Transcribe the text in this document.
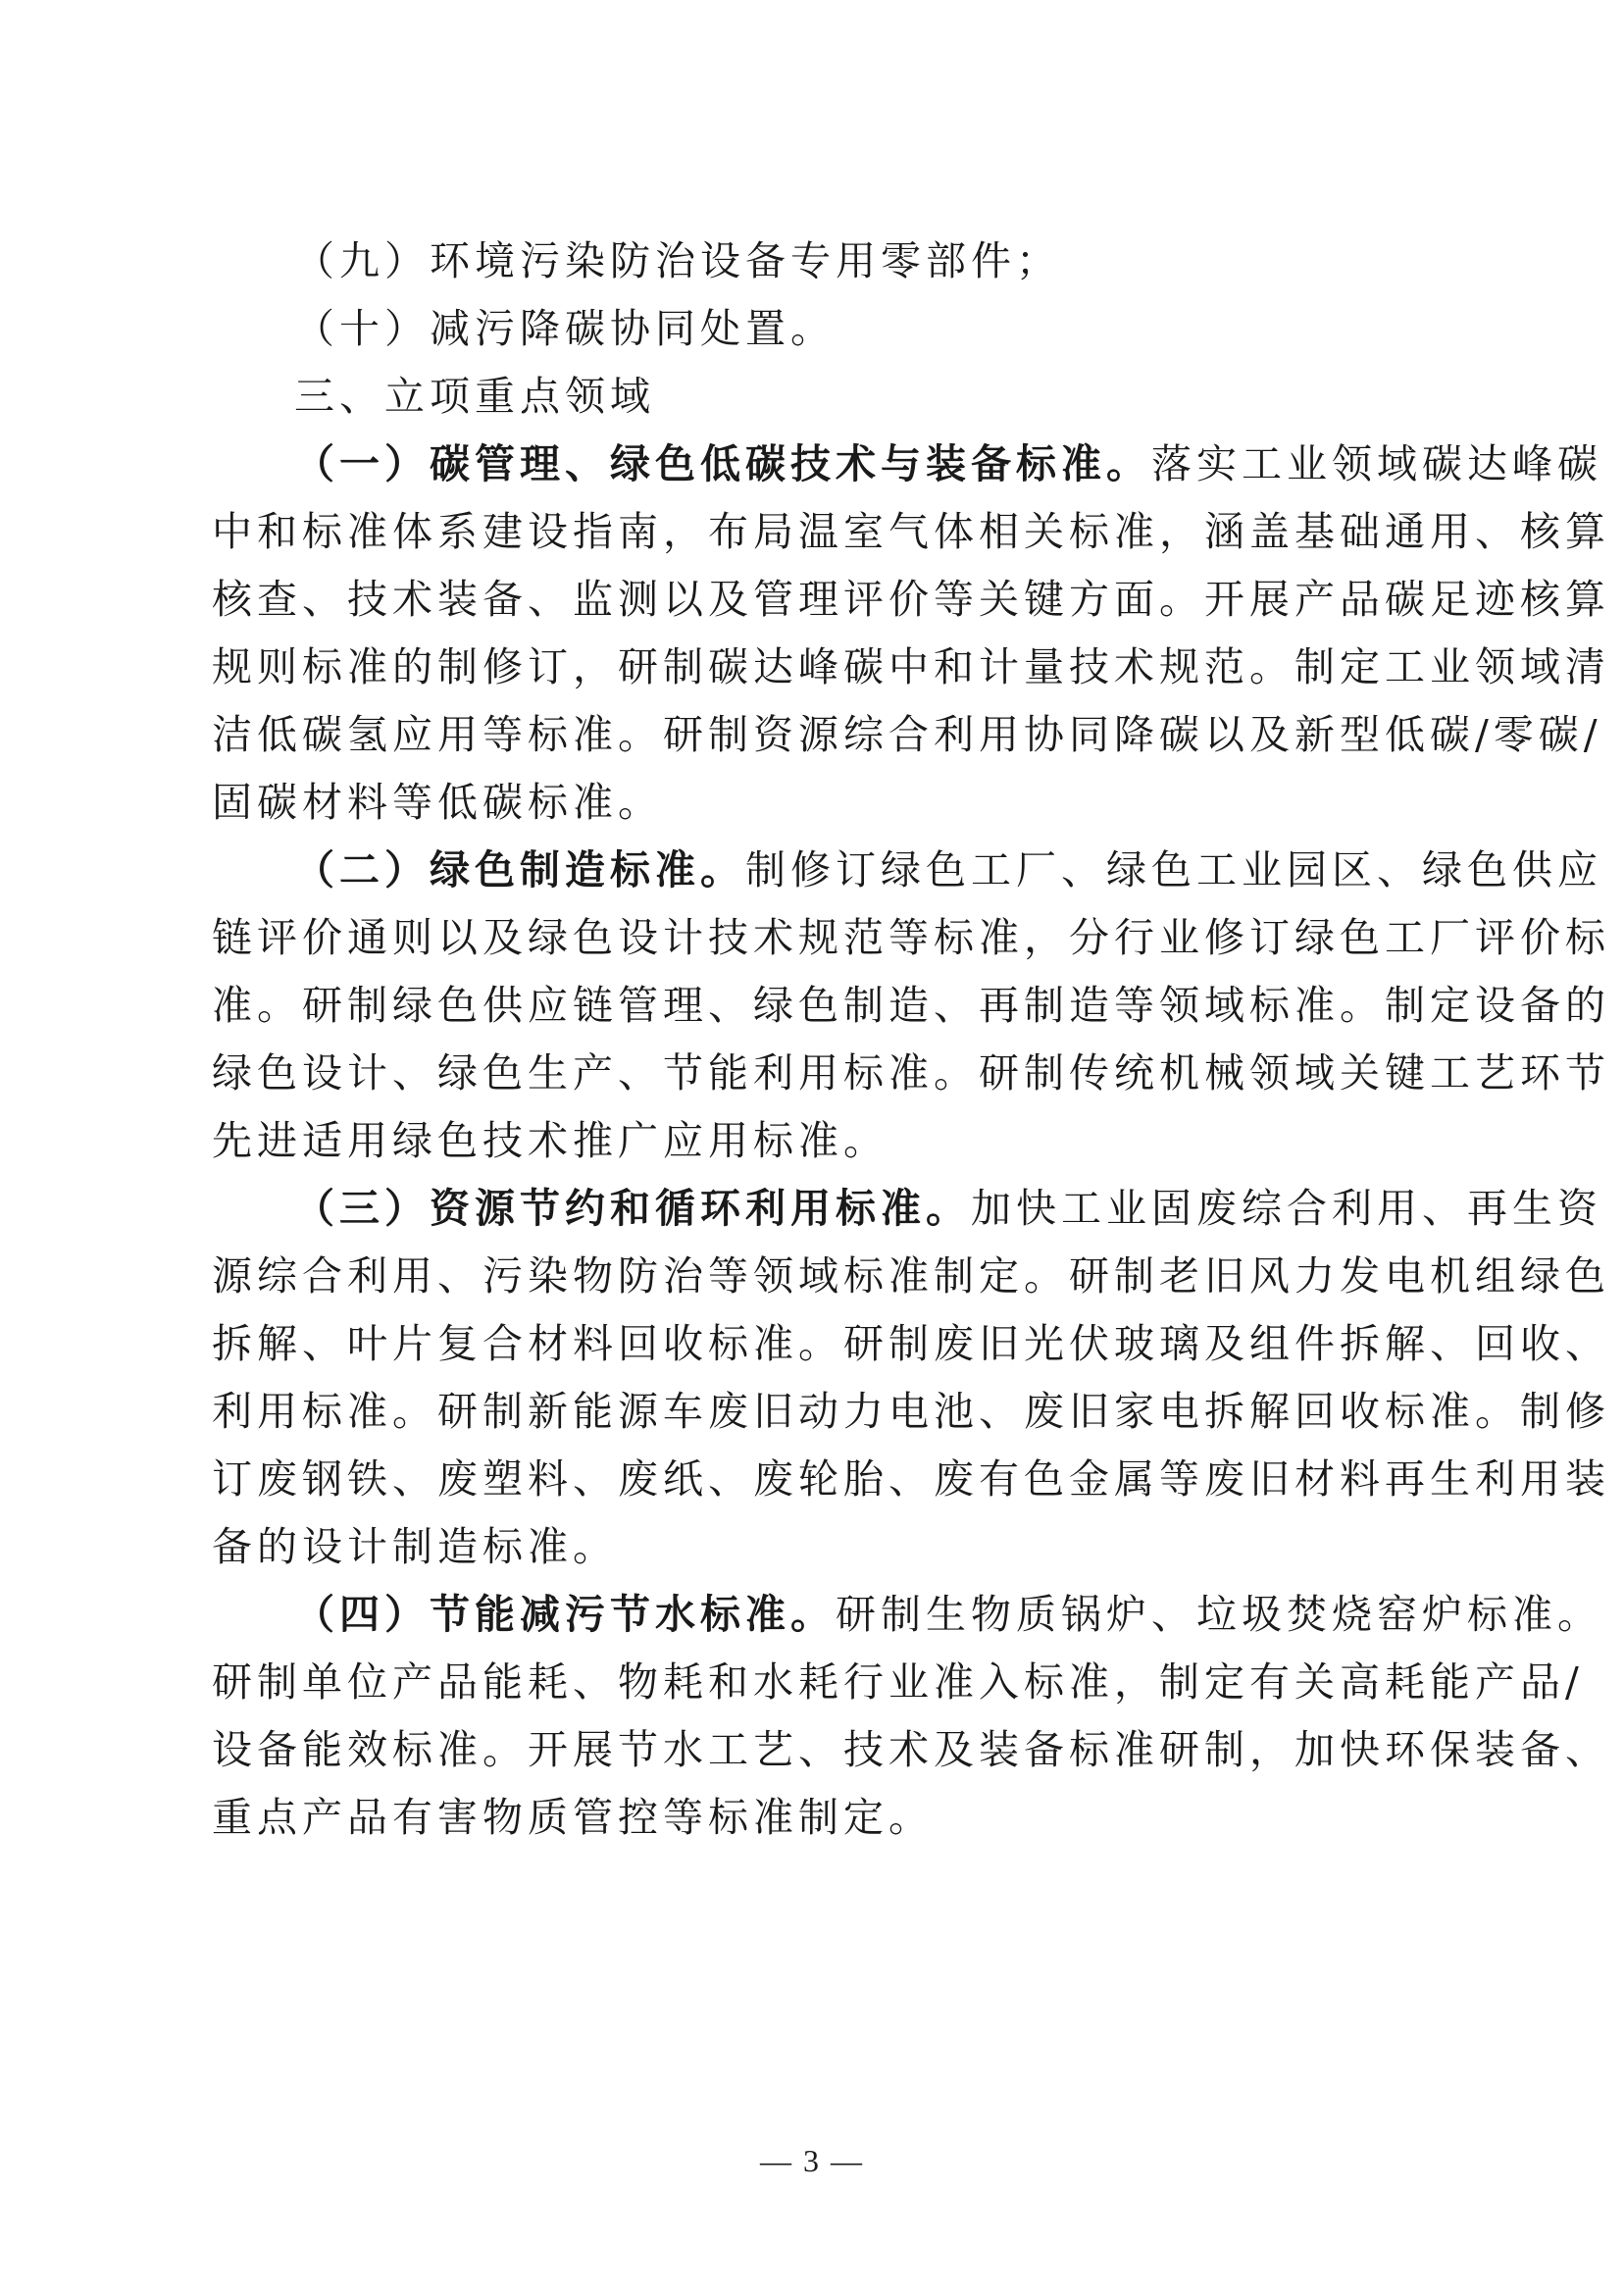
（九）环境污染防治设备专用零部件；
（十）减污降碳协同处置。
三、立项重点领域
（一）碳管理、绿色低碳技术与装备标准。落实工业领域碳达峰碳
中和标准体系建设指南，布局温室气体相关标准，涵盖基础通用、核算
核查、技术装备、监测以及管理评价等关键方面。开展产品碳足迹核算
规则标准的制修订，研制碳达峰碳中和计量技术规范。制定工业领域清
洁低碳氢应用等标准。研制资源综合利用协同降碳以及新型低碳/零碳/
固碳材料等低碳标准。
（二）绿色制造标准。制修订绿色工厂、绿色工业园区、绿色供应
链评价通则以及绿色设计技术规范等标准，分行业修订绿色工厂评价标
准。研制绿色供应链管理、绿色制造、再制造等领域标准。制定设备的
绿色设计、绿色生产、节能利用标准。研制传统机械领域关键工艺环节
先进适用绿色技术推广应用标准。
（三）资源节约和循环利用标准。加快工业固废综合利用、再生资
源综合利用、污染物防治等领域标准制定。研制老旧风力发电机组绿色
拆解、叶片复合材料回收标准。研制废旧光伏玻璃及组件拆解、回收、
利用标准。研制新能源车废旧动力电池、废旧家电拆解回收标准。制修
订废钢铁、废塑料、废纸、废轮胎、废有色金属等废旧材料再生利用装
备的设计制造标准。
（四）节能减污节水标准。研制生物质锅炉、垃圾焚烧窑炉标准。
研制单位产品能耗、物耗和水耗行业准入标准，制定有关高耗能产品/
设备能效标准。开展节水工艺、技术及装备标准研制，加快环保装备、
重点产品有害物质管控等标准制定。
— 3 —
